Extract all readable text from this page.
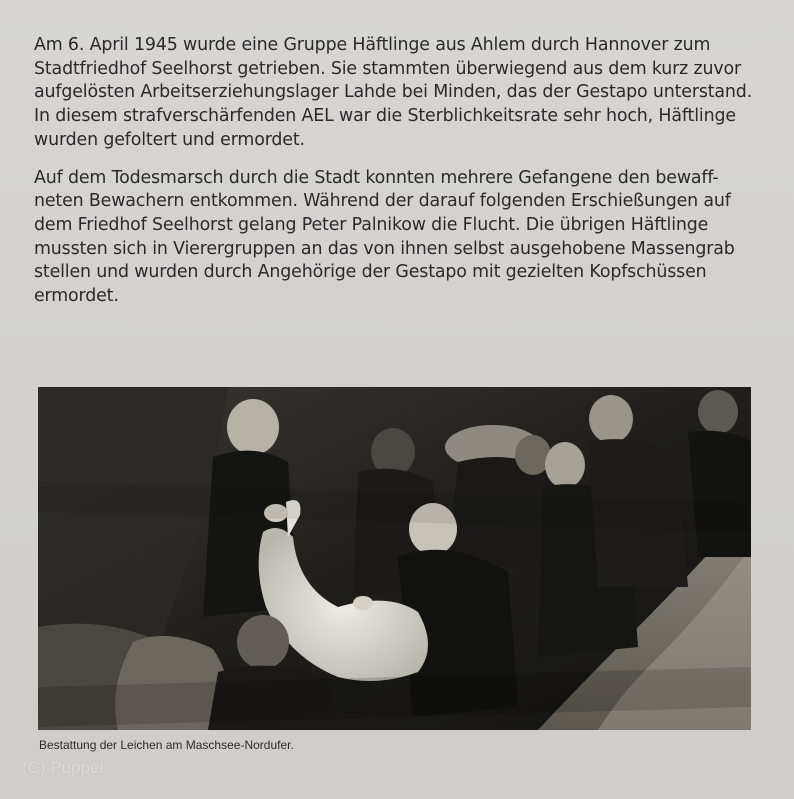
Am 6. April 1945 wurde eine Gruppe Häftlinge aus Ahlem durch Hannover zum
Stadtfriedhof Seelhorst getrieben. Sie stammten überwiegend aus dem kurz zuvor
aufgelösten Arbeitserziehungslager Lahde bei Minden, das der Gestapo unterstand.
In diesem strafverschärfenden AEL war die Sterblichkeitsrate sehr hoch, Häftlinge
wurden gefoltert und ermordet.

Auf dem Todesmarsch durch die Stadt konnten mehrere Gefangene den bewaff-
neten Bewachern entkommen. Während der darauf folgenden Erschießungen auf
dem Friedhof Seelhorst gelang Peter Palnikow die Flucht. Die übrigen Häftlinge
mussten sich in Vierergruppen an das von ihnen selbst ausgehobene Massengrab
stellen und wurden durch Angehörige der Gestapo mit gezielten Kopfschüssen
ermordet.

Bestattung der Leichen am Maschsee-Nordufer.
(C) Puppel
